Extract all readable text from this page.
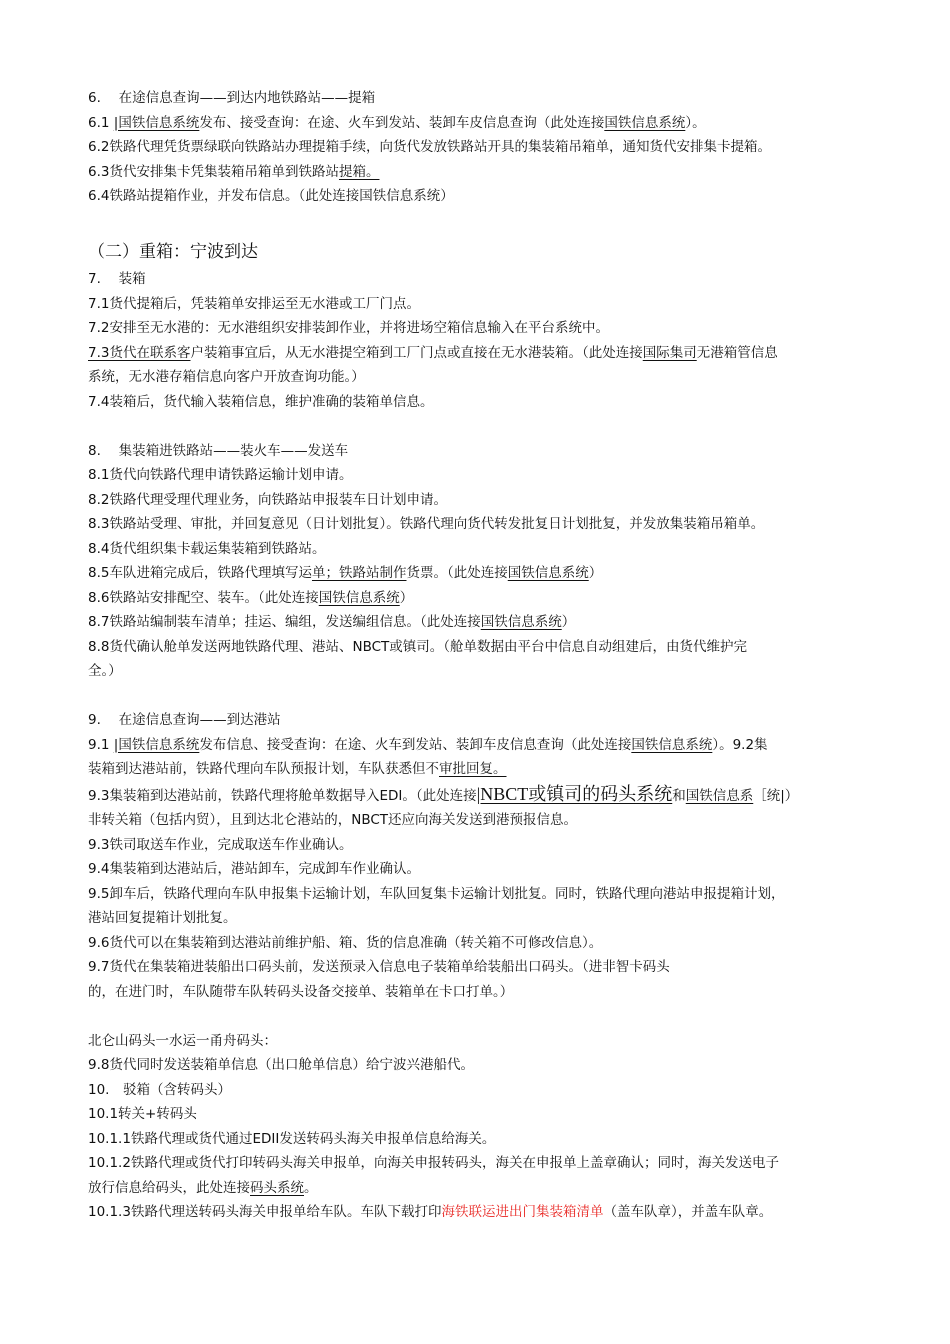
6.　 在途信息查询——到达内地铁路站——提箱
6.1 |国铁信息系统发布、接受查询：在途、火车到发站、装卸车皮信息查询（此处连接国铁信息系统）。
6.2铁路代理凭货票绿联向铁路站办理提箱手续，向货代发放铁路站开具的集装箱吊箱单，通知货代安排集卡提箱。
6.3货代安排集卡凭集装箱吊箱单到铁路站提箱。
6.4铁路站提箱作业，并发布信息。（此处连接国铁信息系统）
（二）重箱：宁波到达
7.　 装箱
7.1货代提箱后，凭装箱单安排运至无水港或工厂门点。
7.2安排至无水港的：无水港组织安排装卸作业，并将进场空箱信息输入在平台系统中。
7.3货代在联系客户装箱事宜后，从无水港提空箱到工厂门点或直接在无水港装箱。（此处连接国际集司无港箱管信息
系统，无水港存箱信息向客户开放查询功能。）
7.4装箱后，货代输入装箱信息，维护准确的装箱单信息。
8.　 集装箱进铁路站——装火车——发送车
8.1货代向铁路代理申请铁路运输计划申请。
8.2铁路代理受理代理业务，向铁路站申报装车日计划申请。
8.3铁路站受理、审批，并回复意见（日计划批复）。铁路代理向货代转发批复日计划批复，并发放集装箱吊箱单。
8.4货代组织集卡载运集装箱到铁路站。
8.5车队进箱完成后，铁路代理填写运单；铁路站制作货票。（此处连接国铁信息系统）
8.6铁路站安排配空、装车。（此处连接国铁信息系统）
8.7铁路站编制装车清单；挂运、编组，发送编组信息。（此处连接国铁信息系统）
8.8货代确认舱单发送两地铁路代理、港站、NBCT或镇司。（舱单数据由平台中信息自动组建后，由货代维护完
全。）
9.　 在途信息查询——到达港站
9.1 |国铁信息系统发布信息、接受查询：在途、火车到发站、装卸车皮信息查询（此处连接国铁信息系统）。9.2集
装箱到达港站前，铁路代理向车队预报计划，车队获悉但不审批回复。
9.3集装箱到达港站前，铁路代理将舱单数据导入EDI。（此处连接|NBCT或镇司的码头系统和国铁信息系［统|）
非转关箱（包括内贸），且到达北仑港站的，NBCT还应向海关发送到港预报信息。
9.3铁司取送车作业，完成取送车作业确认。
9.4集装箱到达港站后，港站卸车，完成卸车作业确认。
9.5卸车后，铁路代理向车队申报集卡运输计划，车队回复集卡运输计划批复。同时，铁路代理向港站申报提箱计划，
港站回复提箱计划批复。
9.6货代可以在集装箱到达港站前维护船、箱、货的信息准确（转关箱不可修改信息）。
9.7货代在集装箱进装船出口码头前，发送预录入信息电子装箱单给装船出口码头。（进非智卡码头
的，在进门时，车队随带车队转码头设备交接单、装箱单在卡口打单。）
北仑山码头一水运一甬舟码头：
9.8货代同时发送装箱单信息（出口舱单信息）给宁波兴港船代。
10.　驳箱（含转码头）
10.1转关+转码头
10.1.1铁路代理或货代通过EDII发送转码头海关申报单信息给海关。
10.1.2铁路代理或货代打印转码头海关申报单，向海关申报转码头，海关在申报单上盖章确认；同时，海关发送电子
放行信息给码头，此处连接码头系统。
10.1.3铁路代理送转码头海关申报单给车队。车队下载打印海铁联运进出门集装箱清单（盖车队章），并盖车队章。
